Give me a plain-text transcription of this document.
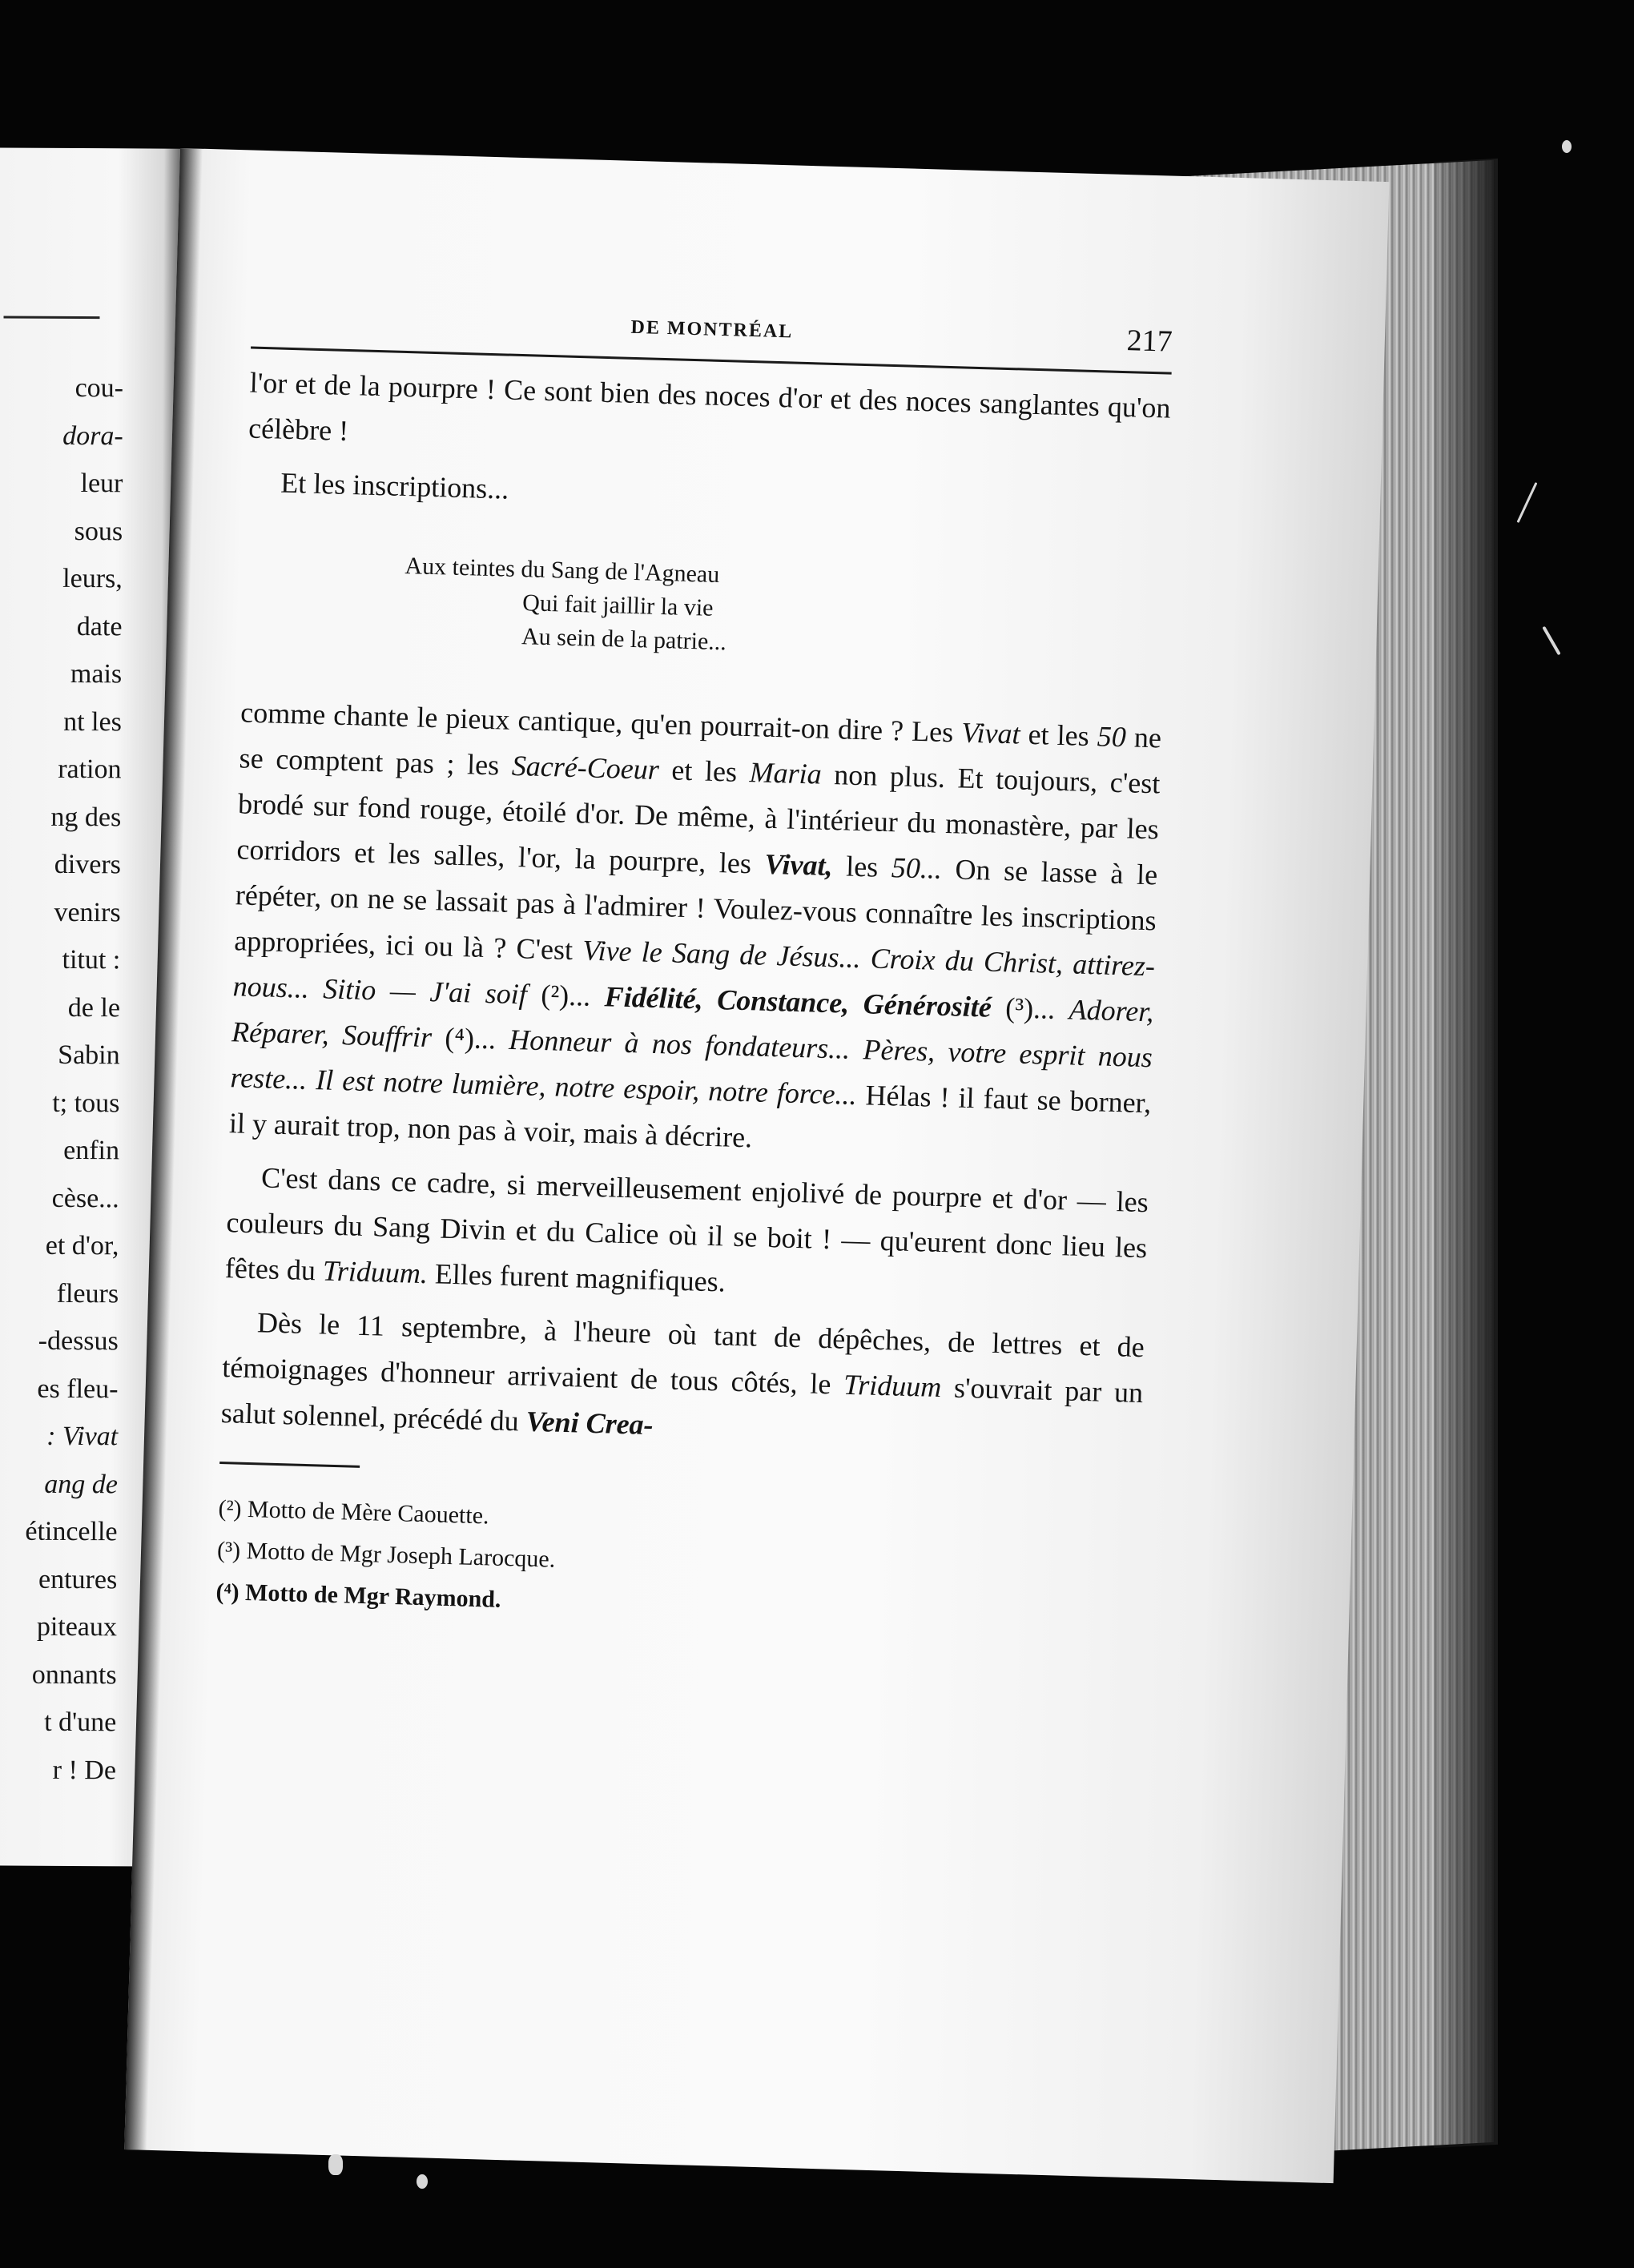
cou-
dora-
leur
sous
leurs,
date
mais
nt les
ration
ng des
divers
venirs
titut :
de le
Sabin
t; tous
enfin
cèse...
et d'or,
fleurs
-dessus
es fleu-
: Vivat
ang de
étincelle
entures
piteaux
onnants
t d'une
r ! De
DE MONTRÉAL	217

l'or et de la pourpre ! Ce sont bien des noces d'or et des noces sanglantes qu'on célèbre !

Et les inscriptions...

Aux teintes du Sang de l'Agneau
Qui fait jaillir la vie
Au sein de la patrie...

comme chante le pieux cantique, qu'en pourrait-on dire ? Les Vivat et les 50 ne se comptent pas ; les Sacré-Coeur et les Maria non plus. Et toujours, c'est brodé sur fond rouge, étoilé d'or. De même, à l'intérieur du monastère, par les corridors et les salles, l'or, la pourpre, les Vivat, les 50... On se lasse à le répéter, on ne se lassait pas à l'admirer ! Voulez-vous connaître les inscriptions appropriées, ici ou là ? C'est Vive le Sang de Jésus... Croix du Christ, attirez-nous... Sitio — J'ai soif (²)... Fidélité, Constance, Générosité (³)... Adorer, Réparer, Souffrir (⁴)... Honneur à nos fondateurs... Pères, votre esprit nous reste... Il est notre lumière, notre espoir, notre force... Hélas ! il faut se borner, il y aurait trop, non pas à voir, mais à décrire.

C'est dans ce cadre, si merveilleusement enjolivé de pourpre et d'or — les couleurs du Sang Divin et du Calice où il se boit ! — qu'eurent donc lieu les fêtes du Triduum. Elles furent magnifiques.

Dès le 11 septembre, à l'heure où tant de dépêches, de lettres et de témoignages d'honneur arrivaient de tous côtés, le Triduum s'ouvrait par un salut solennel, précédé du Veni Crea-

(²) Motto de Mère Caouette.
(³) Motto de Mgr Joseph Larocque.
(⁴) Motto de Mgr Raymond.
